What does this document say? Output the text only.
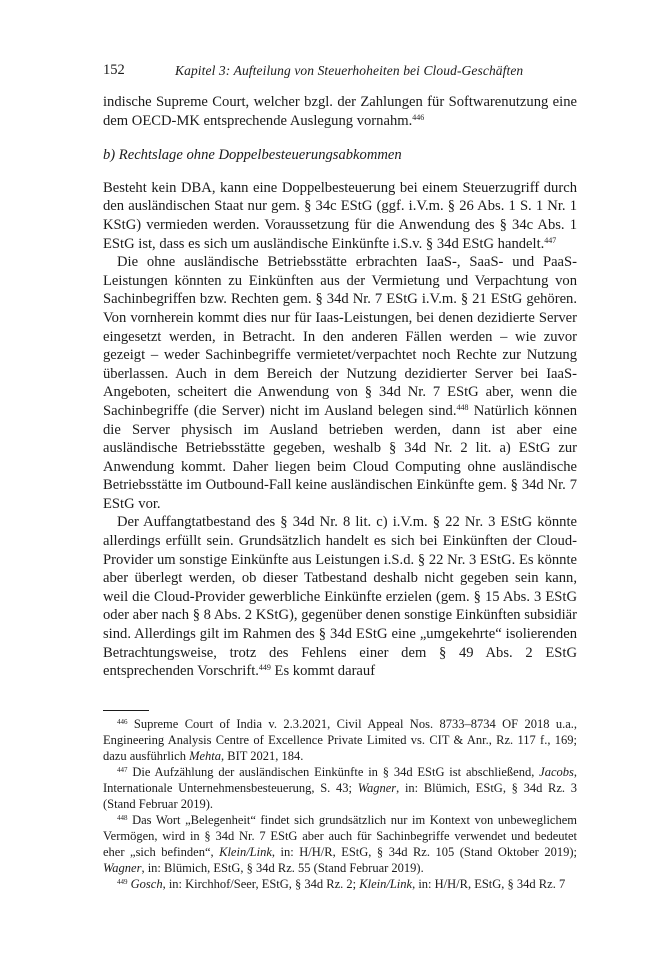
152	Kapitel 3: Aufteilung von Steuerhoheiten bei Cloud-Geschäften

indische Supreme Court, welcher bzgl. der Zahlungen für Softwarenutzung eine dem OECD-MK entsprechende Auslegung vornahm.$^{446}$

b) Rechtslage ohne Doppelbesteuerungsabkommen

Besteht kein DBA, kann eine Doppelbesteuerung bei einem Steuerzugriff durch den ausländischen Staat nur gem. § 34c EStG (ggf. i.V.m. § 26 Abs. 1 S. 1 Nr. 1 KStG) vermieden werden. Voraussetzung für die Anwendung des § 34c Abs. 1 EStG ist, dass es sich um ausländische Einkünfte i.S.v. § 34d EStG handelt.$^{447}$

Die ohne ausländische Betriebsstätte erbrachten IaaS-, SaaS- und PaaS-Leistungen könnten zu Einkünften aus der Vermietung und Verpachtung von Sachinbegriffen bzw. Rechten gem. § 34d Nr. 7 EStG i.V.m. § 21 EStG gehören. Von vornherein kommt dies nur für Iaas-Leistungen, bei denen dezidierte Server eingesetzt werden, in Betracht. In den anderen Fällen werden – wie zuvor gezeigt – weder Sachinbegriffe vermietet/verpachtet noch Rechte zur Nutzung überlassen. Auch in dem Bereich der Nutzung dezidierter Server bei IaaS-Angeboten, scheitert die Anwendung von § 34d Nr. 7 EStG aber, wenn die Sachinbegriffe (die Server) nicht im Ausland belegen sind.$^{448}$ Natürlich können die Server physisch im Ausland betrieben werden, dann ist aber eine ausländische Betriebsstätte gegeben, weshalb § 34d Nr. 2 lit. a) EStG zur Anwendung kommt. Daher liegen beim Cloud Computing ohne ausländische Betriebsstätte im Outbound-Fall keine ausländischen Einkünfte gem. § 34d Nr. 7 EStG vor.

Der Auffangtatbestand des § 34d Nr. 8 lit. c) i.V.m. § 22 Nr. 3 EStG könnte allerdings erfüllt sein. Grundsätzlich handelt es sich bei Einkünften der Cloud-Provider um sonstige Einkünfte aus Leistungen i.S.d. § 22 Nr. 3 EStG. Es könnte aber überlegt werden, ob dieser Tatbestand deshalb nicht gegeben sein kann, weil die Cloud-Provider gewerbliche Einkünfte erzielen (gem. § 15 Abs. 3 EStG oder aber nach § 8 Abs. 2 KStG), gegenüber denen sonstige Einkünften subsidiär sind. Allerdings gilt im Rahmen des § 34d EStG eine „umgekehrte“ isolierenden Betrachtungsweise, trotz des Fehlens einer dem § 49 Abs. 2 EStG entsprechenden Vorschrift.$^{449}$ Es kommt darauf

$^{446}$ Supreme Court of India v. 2.3.2021, Civil Appeal Nos. 8733–8734 OF 2018 u.a., Engineering Analysis Centre of Excellence Private Limited vs. CIT & Anr., Rz. 117 f., 169; dazu ausführlich Mehta, BIT 2021, 184.

$^{447}$ Die Aufzählung der ausländischen Einkünfte in § 34d EStG ist abschließend, Jacobs, Internationale Unternehmensbesteuerung, S. 43; Wagner, in: Blümich, EStG, § 34d Rz. 3 (Stand Februar 2019).

$^{448}$ Das Wort „Belegenheit“ findet sich grundsätzlich nur im Kontext von unbeweglichem Vermögen, wird in § 34d Nr. 7 EStG aber auch für Sachinbegriffe verwendet und bedeutet eher „sich befinden“, Klein/Link, in: H/H/R, EStG, § 34d Rz. 105 (Stand Oktober 2019); Wagner, in: Blümich, EStG, § 34d Rz. 55 (Stand Februar 2019).

$^{449}$ Gosch, in: Kirchhof/Seer, EStG, § 34d Rz. 2; Klein/Link, in: H/H/R, EStG, § 34d Rz. 7
